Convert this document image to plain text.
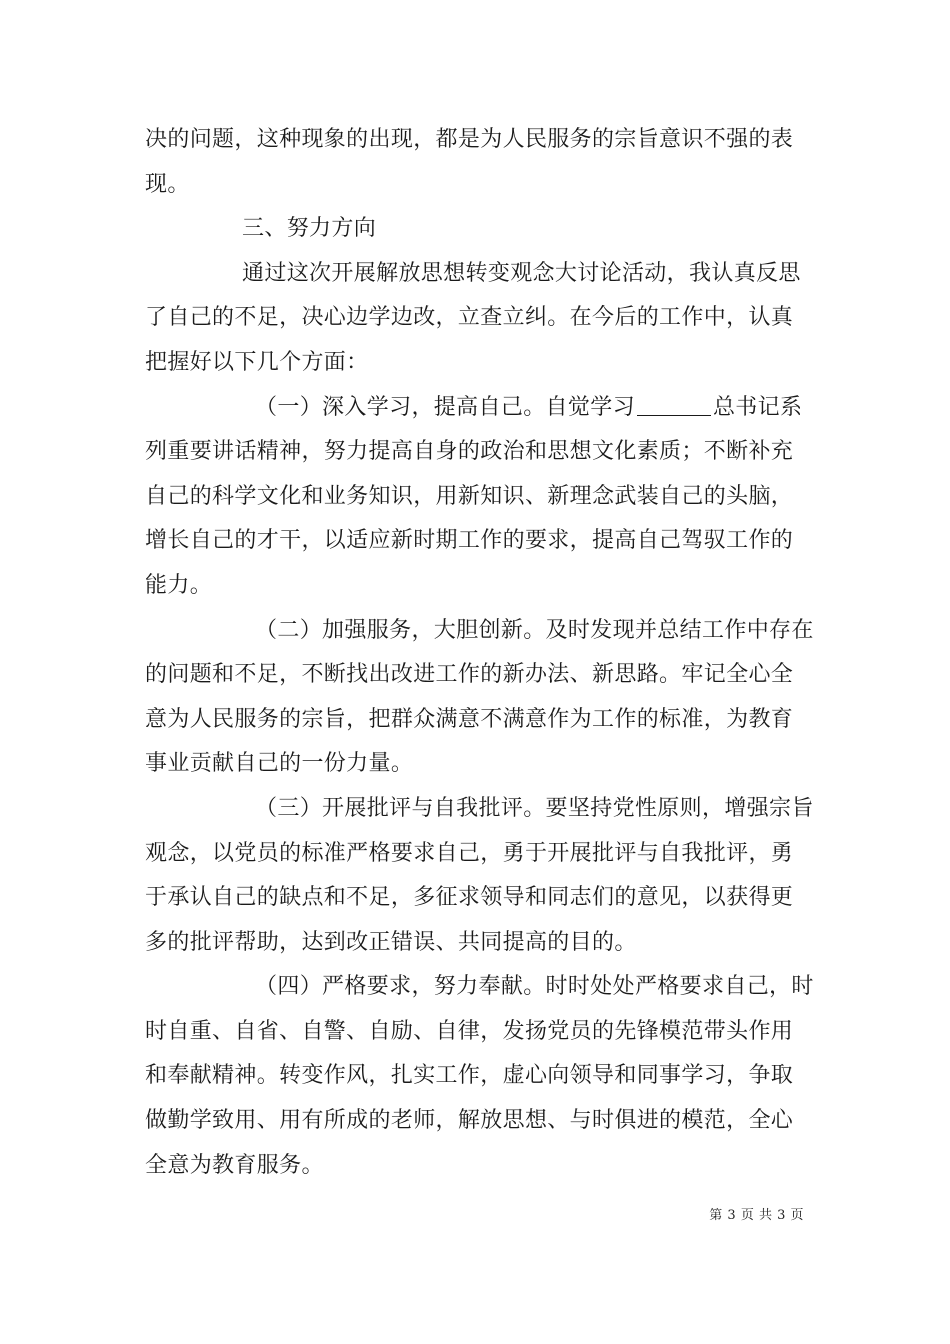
决的问题，这种现象的出现，都是为人民服务的宗旨意识不强的表
现。
三、努力方向
通过这次开展解放思想转变观念大讨论活动，我认真反思
了自己的不足，决心边学边改，立查立纠。在今后的工作中，认真
把握好以下几个方面：
（一）深入学习，提高自己。自觉学习	总书记系
列重要讲话精神，努力提高自身的政治和思想文化素质；不断补充
自己的科学文化和业务知识，用新知识、新理念武装自己的头脑，
增长自己的才干，以适应新时期工作的要求，提高自己驾驭工作的
能力。
（二）加强服务，大胆创新。及时发现并总结工作中存在
的问题和不足，不断找出改进工作的新办法、新思路。牢记全心全
意为人民服务的宗旨，把群众满意不满意作为工作的标准，为教育
事业贡献自己的一份力量。
（三）开展批评与自我批评。要坚持党性原则，增强宗旨
观念，以党员的标准严格要求自己，勇于开展批评与自我批评，勇
于承认自己的缺点和不足，多征求领导和同志们的意见，以获得更
多的批评帮助，达到改正错误、共同提高的目的。
（四）严格要求，努力奉献。时时处处严格要求自己，时
时自重、自省、自警、自励、自律，发扬党员的先锋模范带头作用
和奉献精神。转变作风，扎实工作，虚心向领导和同事学习，争取
做勤学致用、用有所成的老师，解放思想、与时俱进的模范，全心
全意为教育服务。
第 3 页 共 3 页
